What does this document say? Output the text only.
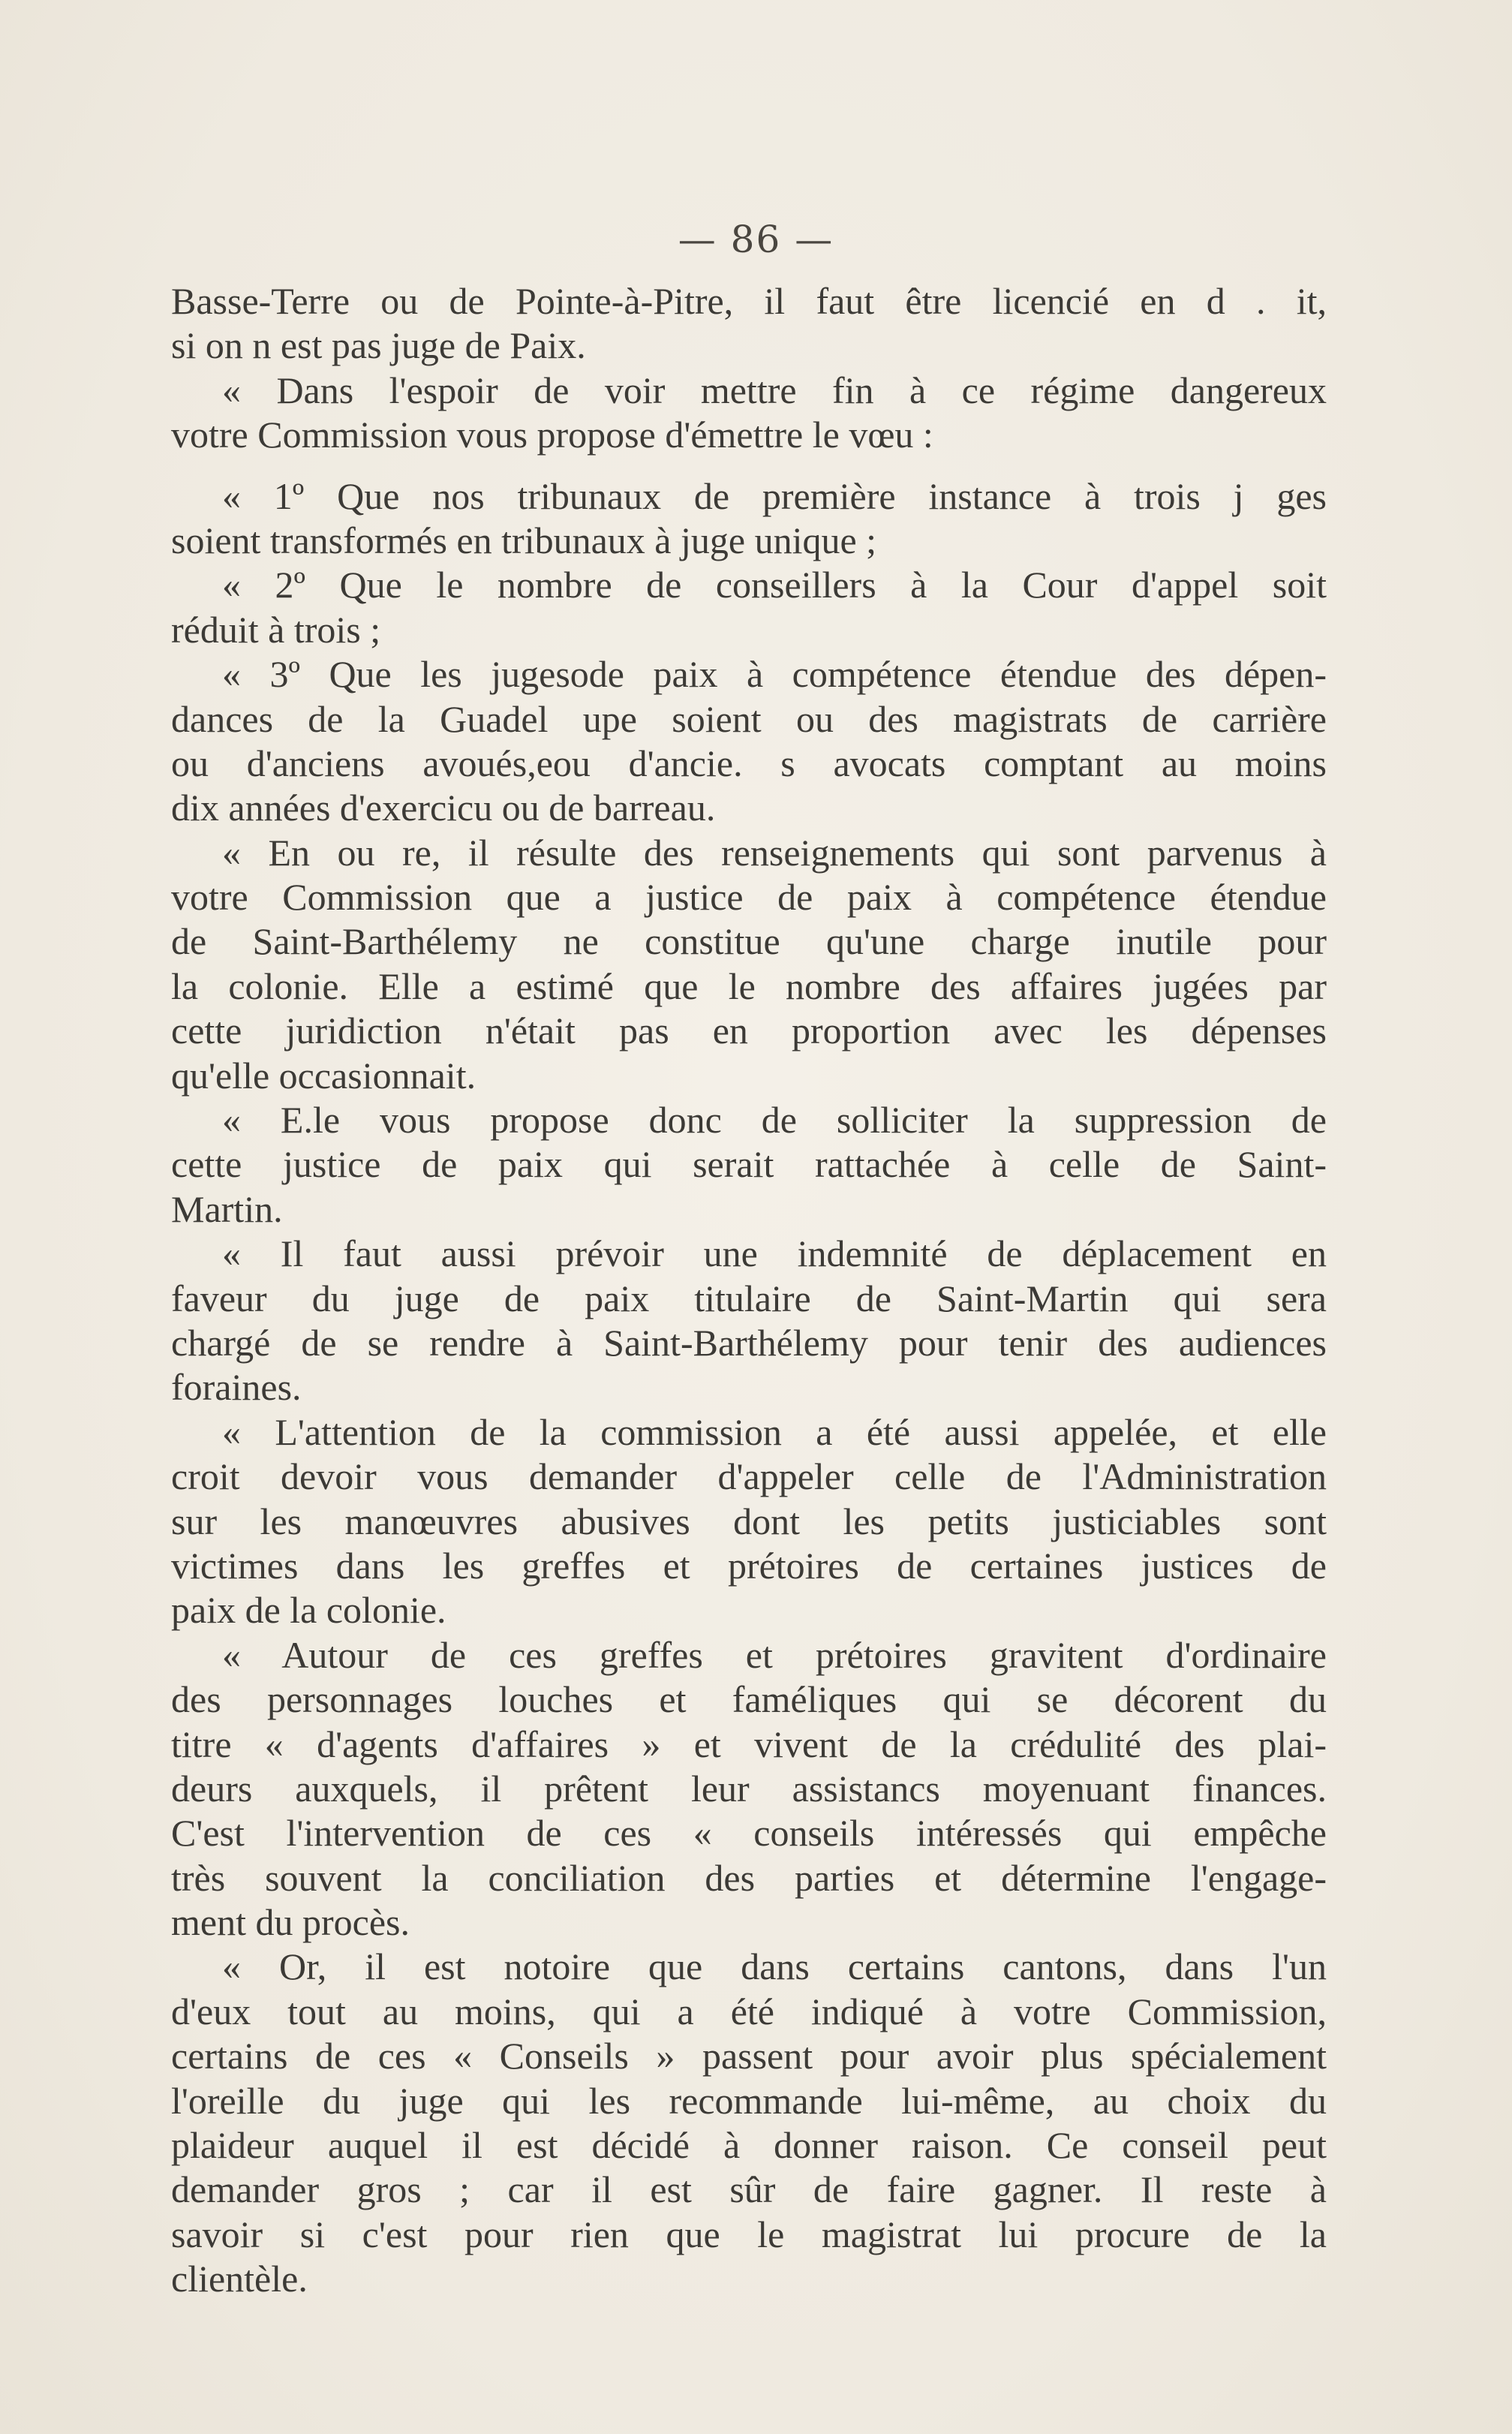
— 86 —
Basse-Terre ou de Pointe-à-Pitre, il faut être licencié en d . it,
si on n est pas juge de Paix.
« Dans l'espoir de voir mettre fin à ce régime dangereux
votre Commission vous propose d'émettre le vœu :
« 1º Que nos tribunaux de première instance à trois j ges
soient transformés en tribunaux à juge unique ;
« 2º Que le nombre de conseillers à la Cour d'appel soit
réduit à trois ;
« 3º Que les jugesode paix à compétence étendue des dépen-
dances de la Guadel upe soient ou des magistrats de carrière
ou d'anciens avoués,eou d'ancie. s avocats comptant au moins
dix années d'exercicu ou de barreau.
« En ou re, il résulte des renseignements qui sont parvenus à
votre Commission que a justice de paix à compétence étendue
de Saint-Barthélemy ne constitue qu'une charge inutile pour
la colonie. Elle a estimé que le nombre des affaires jugées par
cette juridiction n'était pas en proportion avec les dépenses
qu'elle occasionnait.
« E.le vous propose donc de solliciter la suppression de
cette justice de paix qui serait rattachée à celle de Saint-
Martin.
« Il faut aussi prévoir une indemnité de déplacement en
faveur du juge de paix titulaire de Saint-Martin qui sera
chargé de se rendre à Saint-Barthélemy pour tenir des audiences
foraines.
« L'attention de la commission a été aussi appelée, et elle
croit devoir vous demander d'appeler celle de l'Administration
sur les manœuvres abusives dont les petits justiciables sont
victimes dans les greffes et prétoires de certaines justices de
paix de la colonie.
« Autour de ces greffes et prétoires gravitent d'ordinaire
des personnages louches et faméliques qui se décorent du
titre « d'agents d'affaires » et vivent de la crédulité des plai-
deurs auxquels, il prêtent leur assistancs moyenuant finances.
C'est l'intervention de ces « conseils intéressés qui empêche
très souvent la conciliation des parties et détermine l'engage-
ment du procès.
« Or, il est notoire que dans certains cantons, dans l'un
d'eux tout au moins, qui a été indiqué à votre Commission,
certains de ces « Conseils » passent pour avoir plus spécialement
l'oreille du juge qui les recommande lui-même, au choix du
plaideur auquel il est décidé à donner raison. Ce conseil peut
demander gros ; car il est sûr de faire gagner. Il reste à
savoir si c'est pour rien que le magistrat lui procure de la
clientèle.
